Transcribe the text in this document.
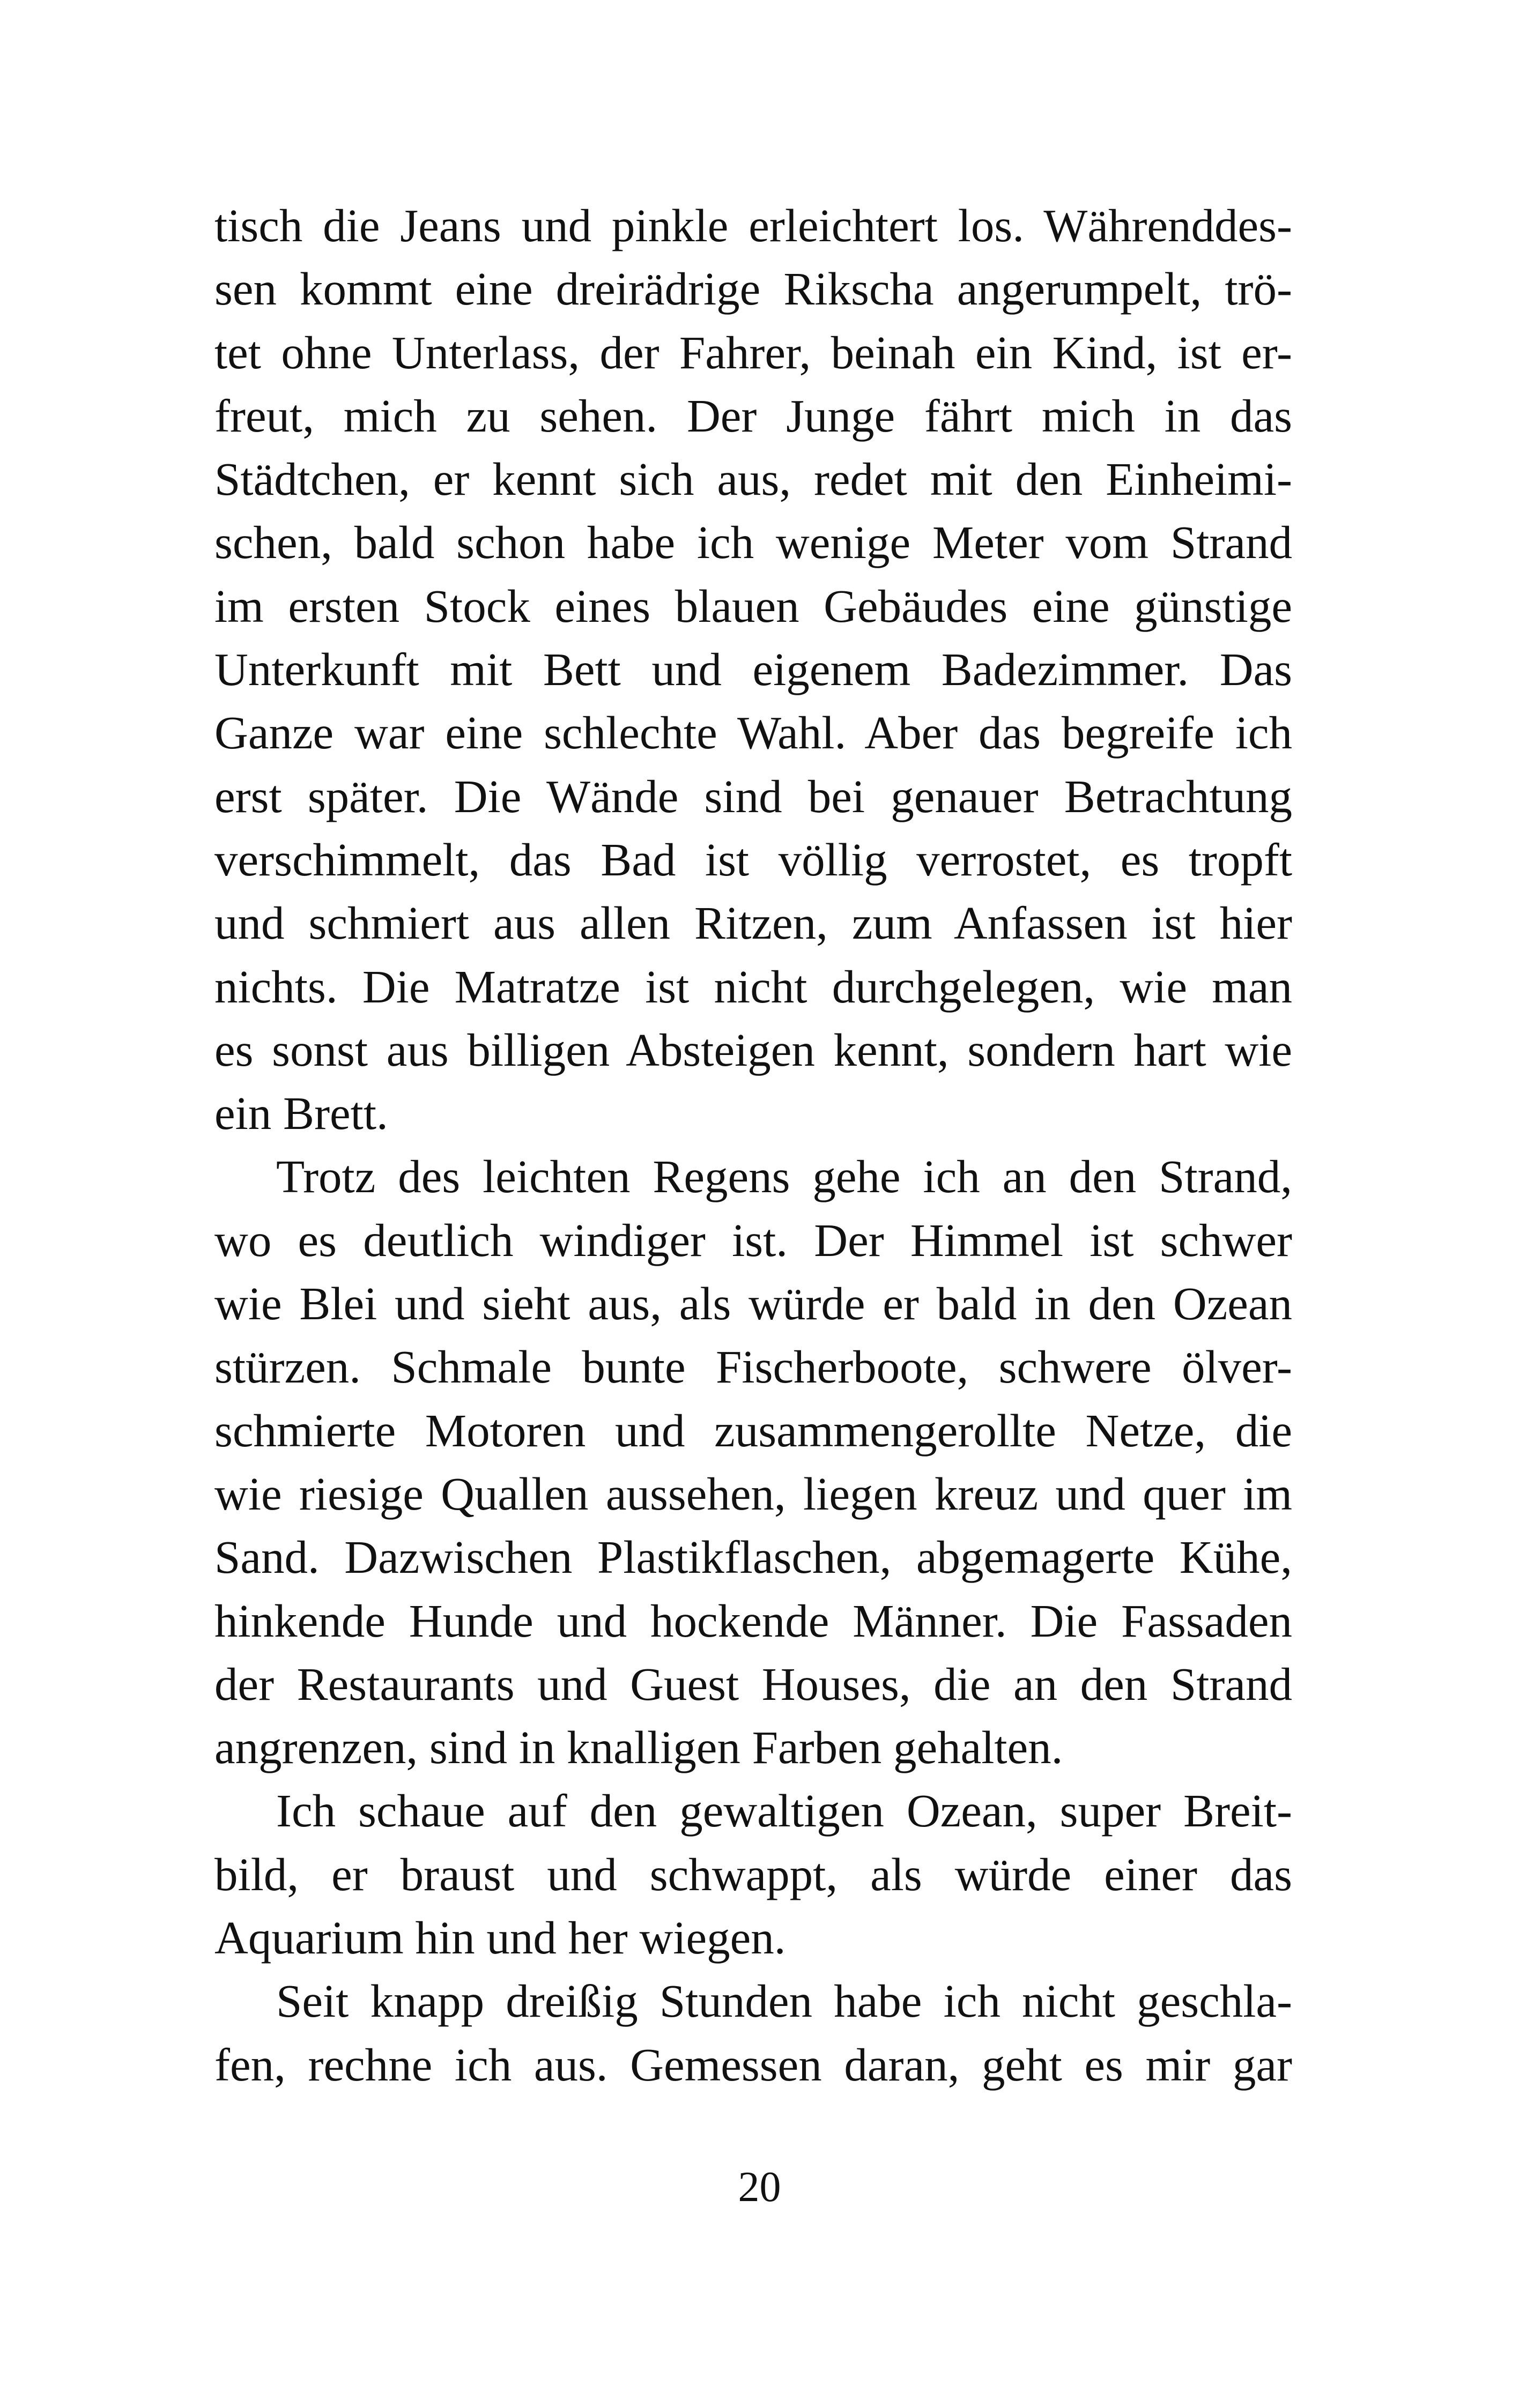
tisch die Jeans und pinkle erleichtert los. Währenddes-
sen kommt eine dreirädrige Rikscha angerumpelt, trö-
tet ohne Unterlass, der Fahrer, beinah ein Kind, ist er-
freut, mich zu sehen. Der Junge fährt mich in das
Städtchen, er kennt sich aus, redet mit den Einheimi-
schen, bald schon habe ich wenige Meter vom Strand
im ersten Stock eines blauen Gebäudes eine günstige
Unterkunft mit Bett und eigenem Badezimmer. Das
Ganze war eine schlechte Wahl. Aber das begreife ich
erst später. Die Wände sind bei genauer Betrachtung
verschimmelt, das Bad ist völlig verrostet, es tropft
und schmiert aus allen Ritzen, zum Anfassen ist hier
nichts. Die Matratze ist nicht durchgelegen, wie man
es sonst aus billigen Absteigen kennt, sondern hart wie
ein Brett.
Trotz des leichten Regens gehe ich an den Strand,
wo es deutlich windiger ist. Der Himmel ist schwer
wie Blei und sieht aus, als würde er bald in den Ozean
stürzen. Schmale bunte Fischerboote, schwere ölver-
schmierte Motoren und zusammengerollte Netze, die
wie riesige Quallen aussehen, liegen kreuz und quer im
Sand. Dazwischen Plastikflaschen, abgemagerte Kühe,
hinkende Hunde und hockende Männer. Die Fassaden
der Restaurants und Guest Houses, die an den Strand
angrenzen, sind in knalligen Farben gehalten.
Ich schaue auf den gewaltigen Ozean, super Breit-
bild, er braust und schwappt, als würde einer das
Aquarium hin und her wiegen.
Seit knapp dreißig Stunden habe ich nicht geschla-
fen, rechne ich aus. Gemessen daran, geht es mir gar
20
